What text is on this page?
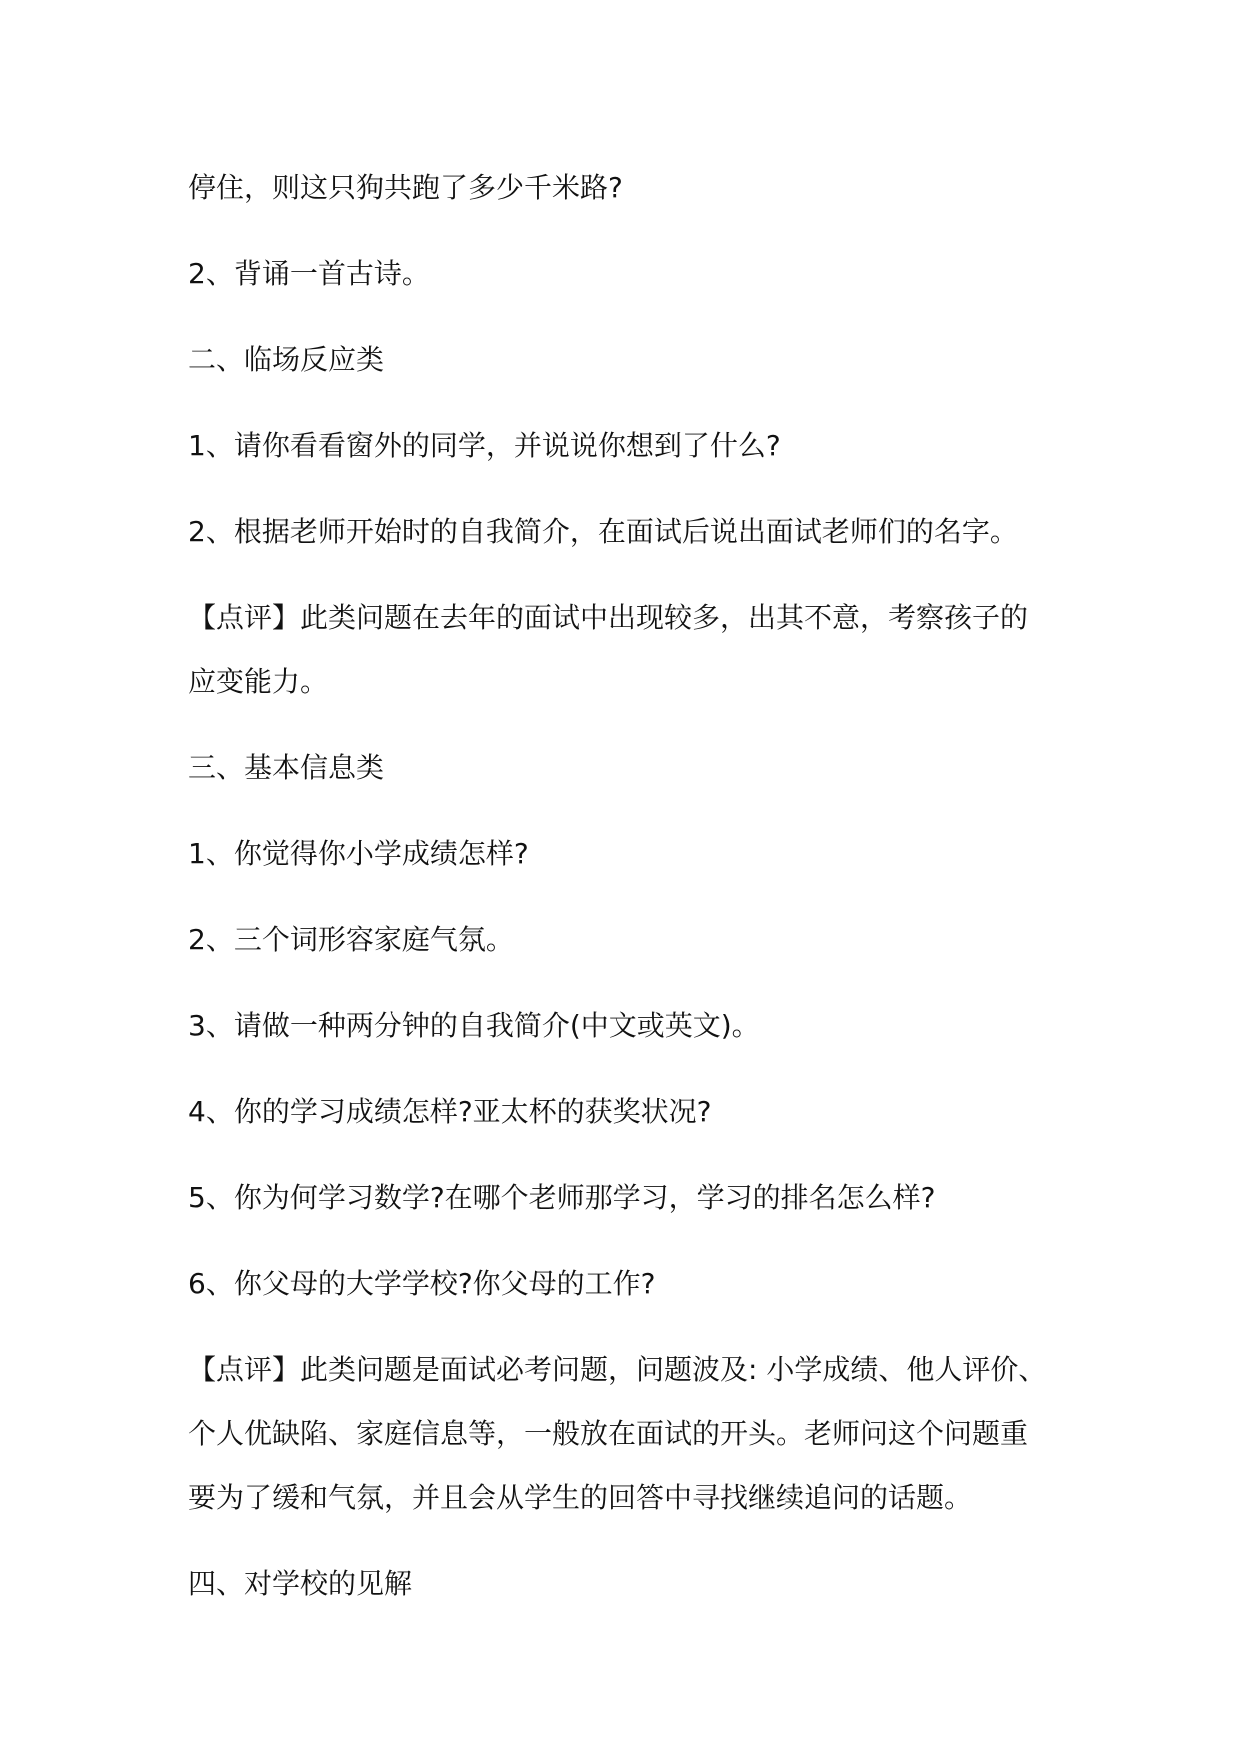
停住，则这只狗共跑了多少千米路?
2、背诵一首古诗。
二、临场反应类
1、请你看看窗外的同学，并说说你想到了什么?
2、根据老师开始时的自我简介，在面试后说出面试老师们的名字。
【点评】此类问题在去年的面试中出现较多，出其不意，考察孩子的
应变能力。
三、基本信息类
1、你觉得你小学成绩怎样?
2、三个词形容家庭气氛。
3、请做一种两分钟的自我简介(中文或英文)。
4、你的学习成绩怎样?亚太杯的获奖状况?
5、你为何学习数学?在哪个老师那学习，学习的排名怎么样?
6、你父母的大学学校?你父母的工作?
【点评】此类问题是面试必考问题，问题波及: 小学成绩、他人评价、
个人优缺陷、家庭信息等，一般放在面试的开头。老师问这个问题重
要为了缓和气氛，并且会从学生的回答中寻找继续追问的话题。
四、对学校的见解
